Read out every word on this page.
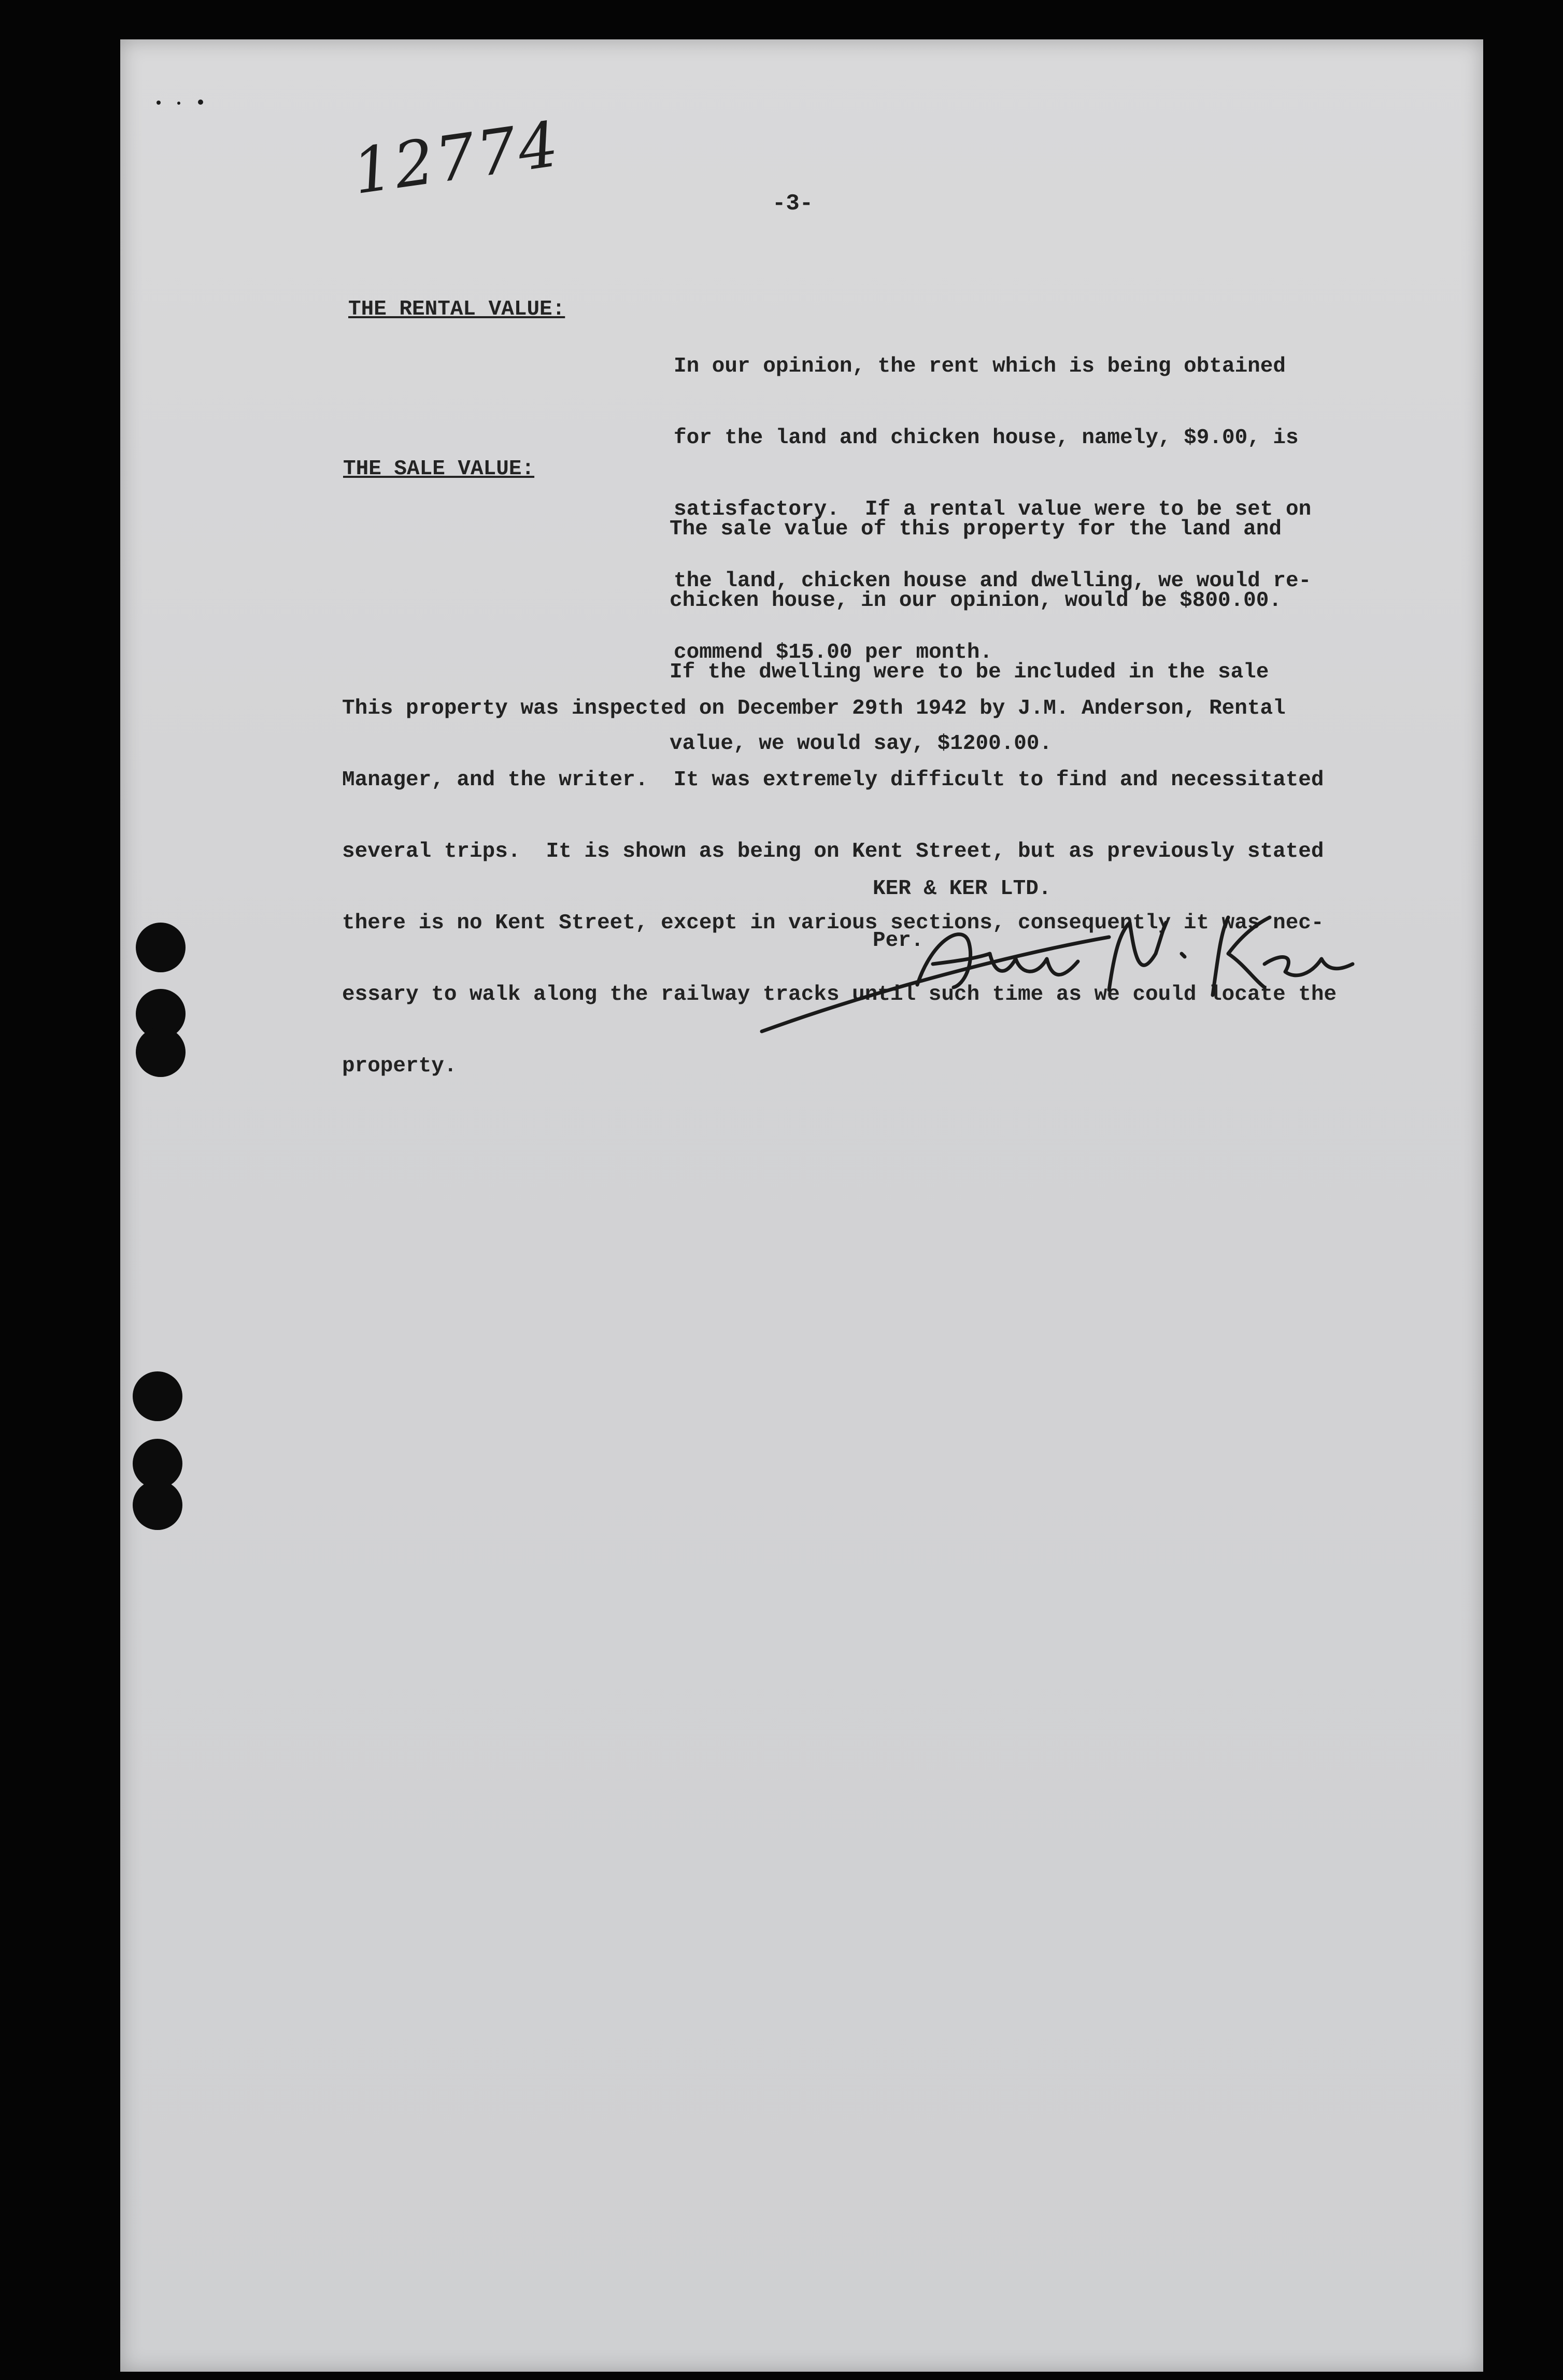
12774	-3-
THE RENTAL VALUE:

In our opinion, the rent which is being obtained

for the land and chicken house, namely, $9.00, is

satisfactory.  If a rental value were to be set on

the land, chicken house and dwelling, we would re-

commend $15.00 per month.

THE SALE VALUE:

The sale value of this property for the land and

chicken house, in our opinion, would be $800.00.

If the dwelling were to be included in the sale

value, we would say, $1200.00.

This property was inspected on December 29th 1942 by J.M. Anderson, Rental

Manager, and the writer.  It was extremely difficult to find and necessitated

several trips.  It is shown as being on Kent Street, but as previously stated

there is no Kent Street, except in various sections, consequently it was nec-

essary to walk along the railway tracks until such time as we could locate the

property.

KER & KER LTD.
Per.
